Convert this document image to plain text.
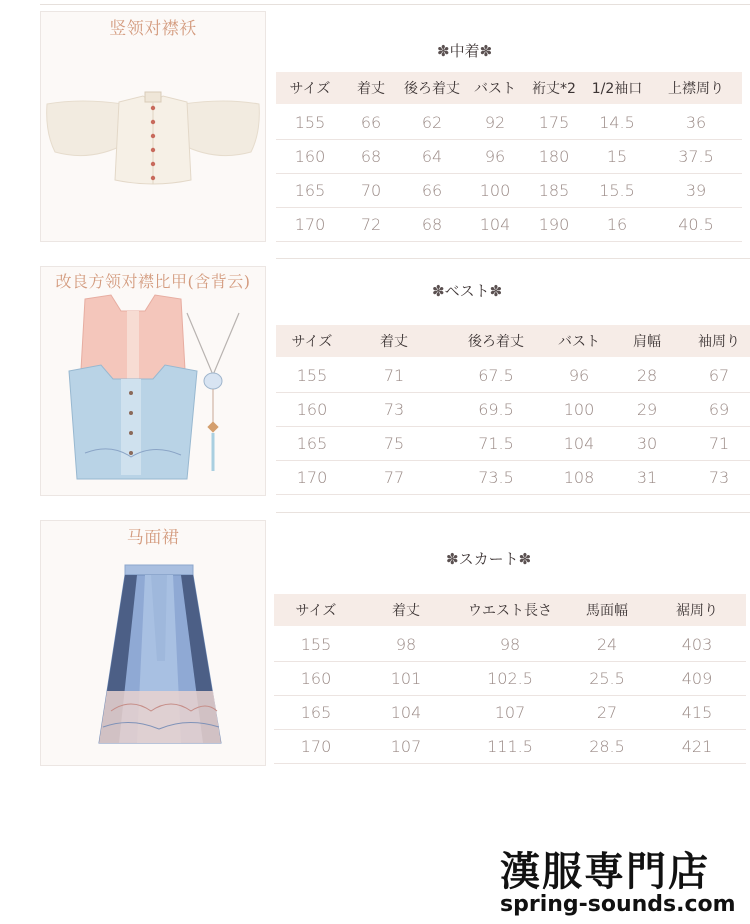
竖领对襟袄
✽中着✽
サイズ	着丈	後ろ着丈	バスト	裄丈*2	1/2袖口	上襟周り
155	66	62	92	175	14.5	36
160	68	64	96	180	15	37.5
165	70	66	100	185	15.5	39
170	72	68	104	190	16	40.5
改良方领对襟比甲(含背云)	✽ベスト✽
サイズ	着丈	後ろ着丈	バスト	肩幅	袖周り
155	71	67.5	96	28	67
160	73	69.5	100	29	69
165	75	71.5	104	30	71
170	77	73.5	108	31	73
马面裙
✽スカート✽
サイズ	着丈	ウエスト長さ	馬面幅	裾周り
155	98	98	24	403
160	101	102.5	25.5	409
165	104	107	27	415
170	107	111.5	28.5	421
漢服専門店
spring-sounds.com
